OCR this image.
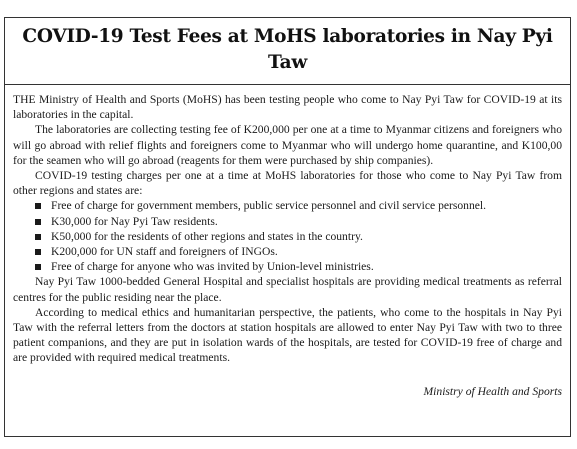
COVID-19 Test Fees at MoHS laboratories in Nay Pyi Taw

THE Ministry of Health and Sports (MoHS) has been testing people who come to Nay Pyi Taw for COVID-19 at its laboratories in the capital.

The laboratories are collecting testing fee of K200,000 per one at a time to Myanmar citizens and foreigners who will go abroad with relief flights and foreigners come to Myanmar who will undergo home quarantine, and K100,00 for the seamen who will go abroad (reagents for them were purchased by ship companies).

COVID-19 testing charges per one at a time at MoHS laboratories for those who come to Nay Pyi Taw from other regions and states are:

Free of charge for government members, public service personnel and civil service personnel.
K30,000 for Nay Pyi Taw residents.
K50,000 for the residents of other regions and states in the country.
K200,000 for UN staff and foreigners of INGOs.
Free of charge for anyone who was invited by Union-level ministries.

Nay Pyi Taw 1000-bedded General Hospital and specialist hospitals are providing medical treatments as referral centres for the public residing near the place.

According to medical ethics and humanitarian perspective, the patients, who come to the hospitals in Nay Pyi Taw with the referral letters from the doctors at station hospitals are allowed to enter Nay Pyi Taw with two to three patient companions, and they are put in isolation wards of the hospitals, are tested for COVID-19 free of charge and are provided with required medical treatments.

Ministry of Health and Sports
